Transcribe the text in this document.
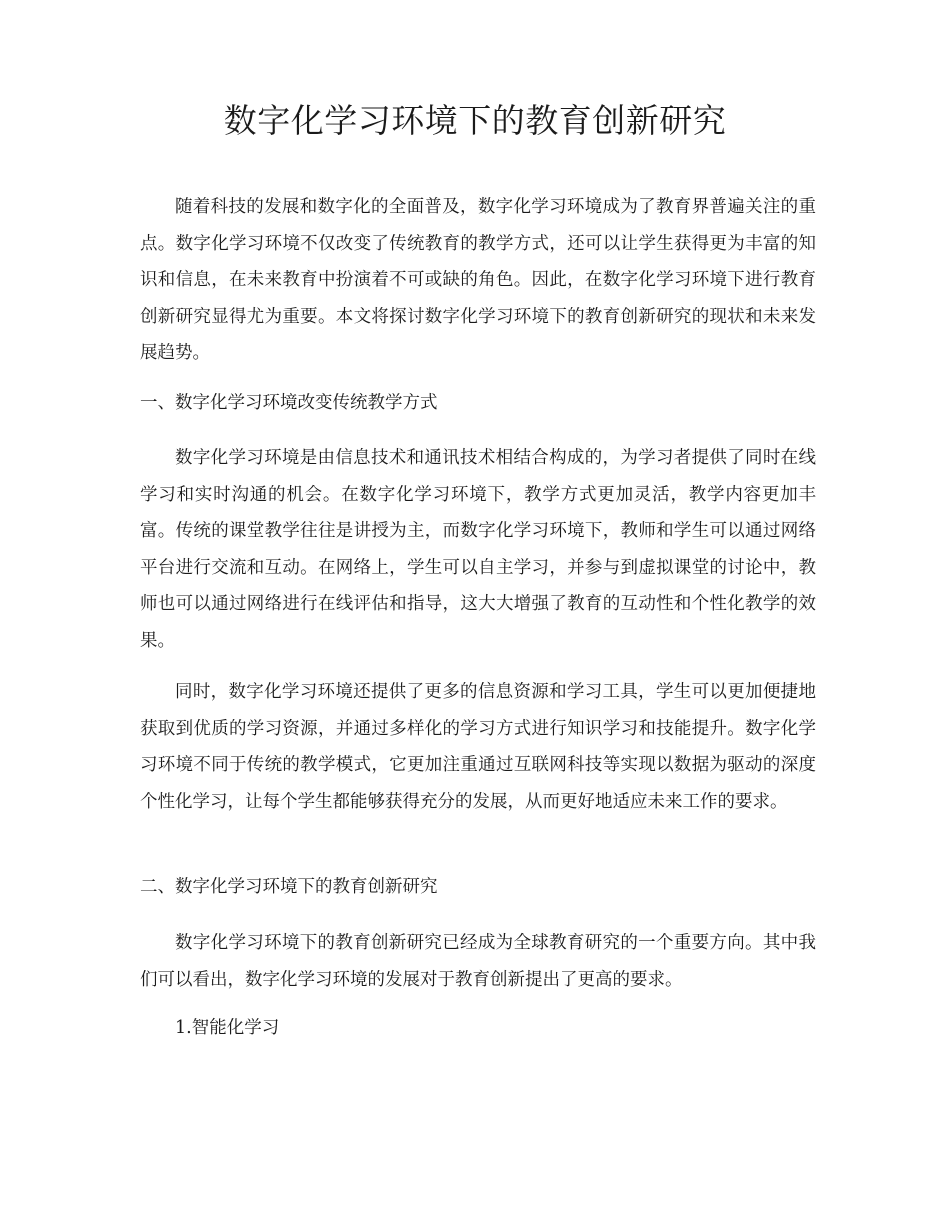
数字化学习环境下的教育创新研究

随着科技的发展和数字化的全面普及，数字化学习环境成为了教育界普遍关注的重点。数字化学习环境不仅改变了传统教育的教学方式，还可以让学生获得更为丰富的知识和信息，在未来教育中扮演着不可或缺的角色。因此，在数字化学习环境下进行教育创新研究显得尤为重要。本文将探讨数字化学习环境下的教育创新研究的现状和未来发展趋势。

一、数字化学习环境改变传统教学方式

数字化学习环境是由信息技术和通讯技术相结合构成的，为学习者提供了同时在线学习和实时沟通的机会。在数字化学习环境下，教学方式更加灵活，教学内容更加丰富。传统的课堂教学往往是讲授为主，而数字化学习环境下，教师和学生可以通过网络平台进行交流和互动。在网络上，学生可以自主学习，并参与到虚拟课堂的讨论中，教师也可以通过网络进行在线评估和指导，这大大增强了教育的互动性和个性化教学的效果。

同时，数字化学习环境还提供了更多的信息资源和学习工具，学生可以更加便捷地获取到优质的学习资源，并通过多样化的学习方式进行知识学习和技能提升。数字化学习环境不同于传统的教学模式，它更加注重通过互联网科技等实现以数据为驱动的深度个性化学习，让每个学生都能够获得充分的发展，从而更好地适应未来工作的要求。

二、数字化学习环境下的教育创新研究

数字化学习环境下的教育创新研究已经成为全球教育研究的一个重要方向。其中我们可以看出，数字化学习环境的发展对于教育创新提出了更高的要求。

1.智能化学习
